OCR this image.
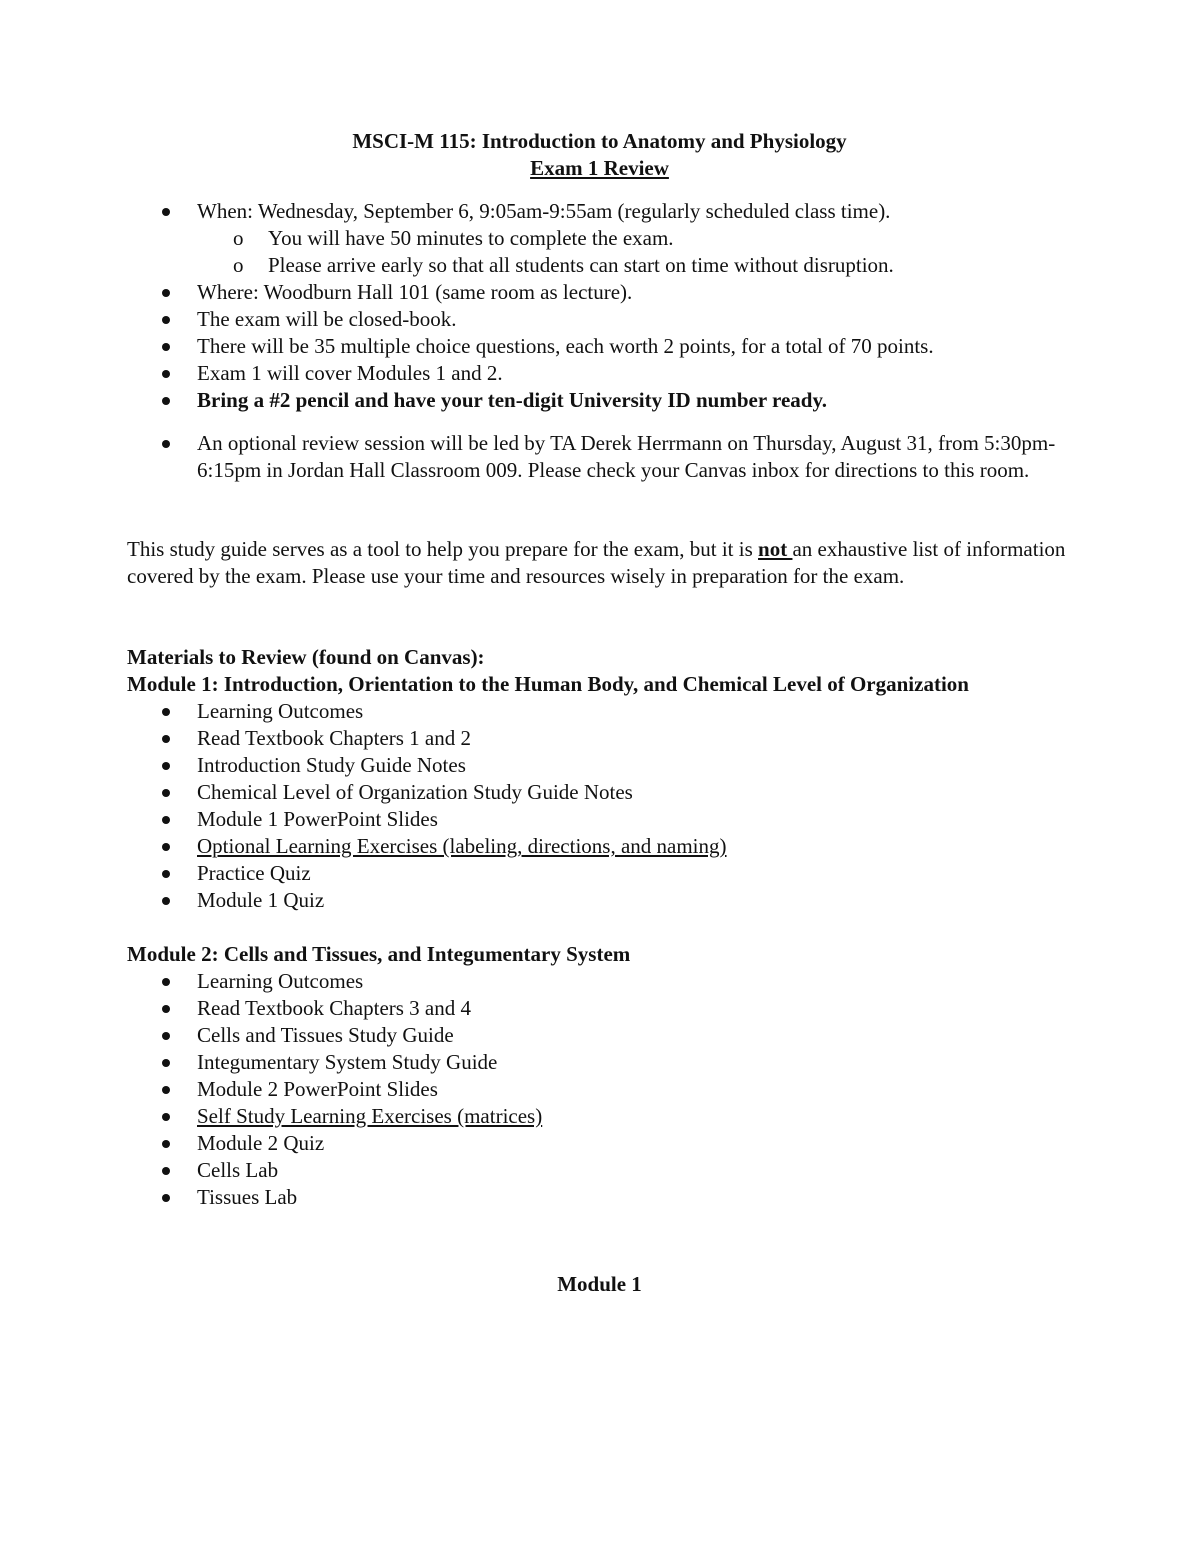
MSCI-M 115: Introduction to Anatomy and Physiology
Exam 1 Review
When: Wednesday, September 6, 9:05am-9:55am (regularly scheduled class time).
o You will have 50 minutes to complete the exam.
o Please arrive early so that all students can start on time without disruption.
Where: Woodburn Hall 101 (same room as lecture).
The exam will be closed-book.
There will be 35 multiple choice questions, each worth 2 points, for a total of 70 points.
Exam 1 will cover Modules 1 and 2.
Bring a #2 pencil and have your ten-digit University ID number ready.
An optional review session will be led by TA Derek Herrmann on Thursday, August 31, from 5:30pm-6:15pm in Jordan Hall Classroom 009. Please check your Canvas inbox for directions to this room.

This study guide serves as a tool to help you prepare for the exam, but it is not an exhaustive list of information covered by the exam. Please use your time and resources wisely in preparation for the exam.

Materials to Review (found on Canvas):
Module 1: Introduction, Orientation to the Human Body, and Chemical Level of Organization
Learning Outcomes
Read Textbook Chapters 1 and 2
Introduction Study Guide Notes
Chemical Level of Organization Study Guide Notes
Module 1 PowerPoint Slides
Optional Learning Exercises (labeling, directions, and naming)
Practice Quiz
Module 1 Quiz
Module 2: Cells and Tissues, and Integumentary System
Learning Outcomes
Read Textbook Chapters 3 and 4
Cells and Tissues Study Guide
Integumentary System Study Guide
Module 2 PowerPoint Slides
Self Study Learning Exercises (matrices)
Module 2 Quiz
Cells Lab
Tissues Lab
Module 1
